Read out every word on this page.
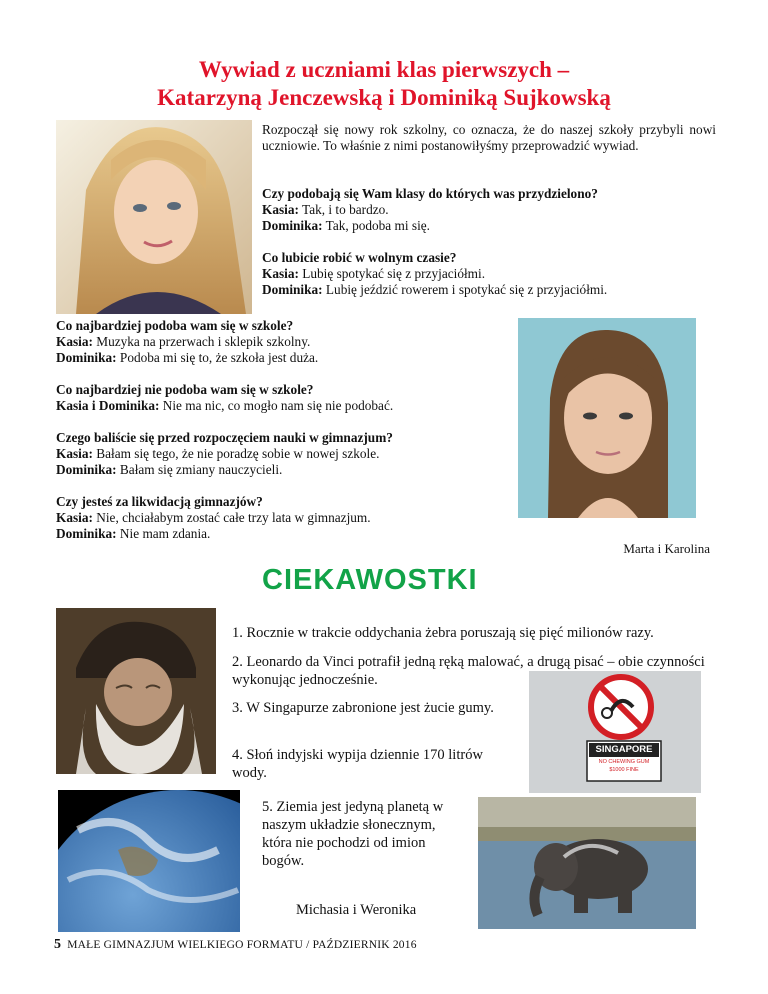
Wywiad z uczniami klas pierwszych –
Katarzyną Jenczewską i Dominiką Sujkowską
Rozpoczął się nowy rok szkolny, co oznacza, że do naszej szkoły przybyli nowi uczniowie. To właśnie z nimi postanowiłyśmy przeprowadzić wywiad.
Czy podobają się Wam klasy do których was przydzielono?
Kasia: Tak, i to bardzo.
Dominika: Tak, podoba mi się.
Co lubicie robić w wolnym czasie?
Kasia: Lubię spotykać się z przyjaciółmi.
Dominika: Lubię jeździć rowerem i spotykać się z przyjaciółmi.
Co najbardziej podoba wam się w szkole?
Kasia: Muzyka na przerwach i sklepik szkolny.
Dominika: Podoba mi się to, że szkoła jest duża.
Co najbardziej nie podoba wam się w szkole?
Kasia i Dominika: Nie ma nic, co mogło nam się nie podobać.
Czego baliście się przed rozpoczęciem nauki w gimnazjum?
Kasia: Bałam się tego, że nie poradzę sobie w nowej szkole.
Dominika: Bałam się zmiany nauczycieli.
Czy jesteś za likwidacją gimnazjów?
Kasia: Nie, chciałabym zostać całe trzy lata w gimnazjum.
Dominika: Nie mam zdania.
Marta i Karolina
CIEKAWOSTKI
1. Rocznie w trakcie oddychania żebra poruszają się pięć milionów razy.
2. Leonardo da Vinci potrafił jedną ręką malować, a drugą pisać – obie czynności wykonując jednocześnie.
3. W Singapurze zabronione jest żucie gumy.
4. Słoń indyjski wypija dziennie 170 litrów wody.
SINGAPORE
NO CHEWING GUM
$1000 FINE
5. Ziemia jest jedyną planetą w naszym układzie słonecznym, która nie pochodzi od imion bogów.
Michasia i Weronika
5 MAŁE GIMNAZJUM WIELKIEGO FORMATU / PAŹDZIERNIK 2016
